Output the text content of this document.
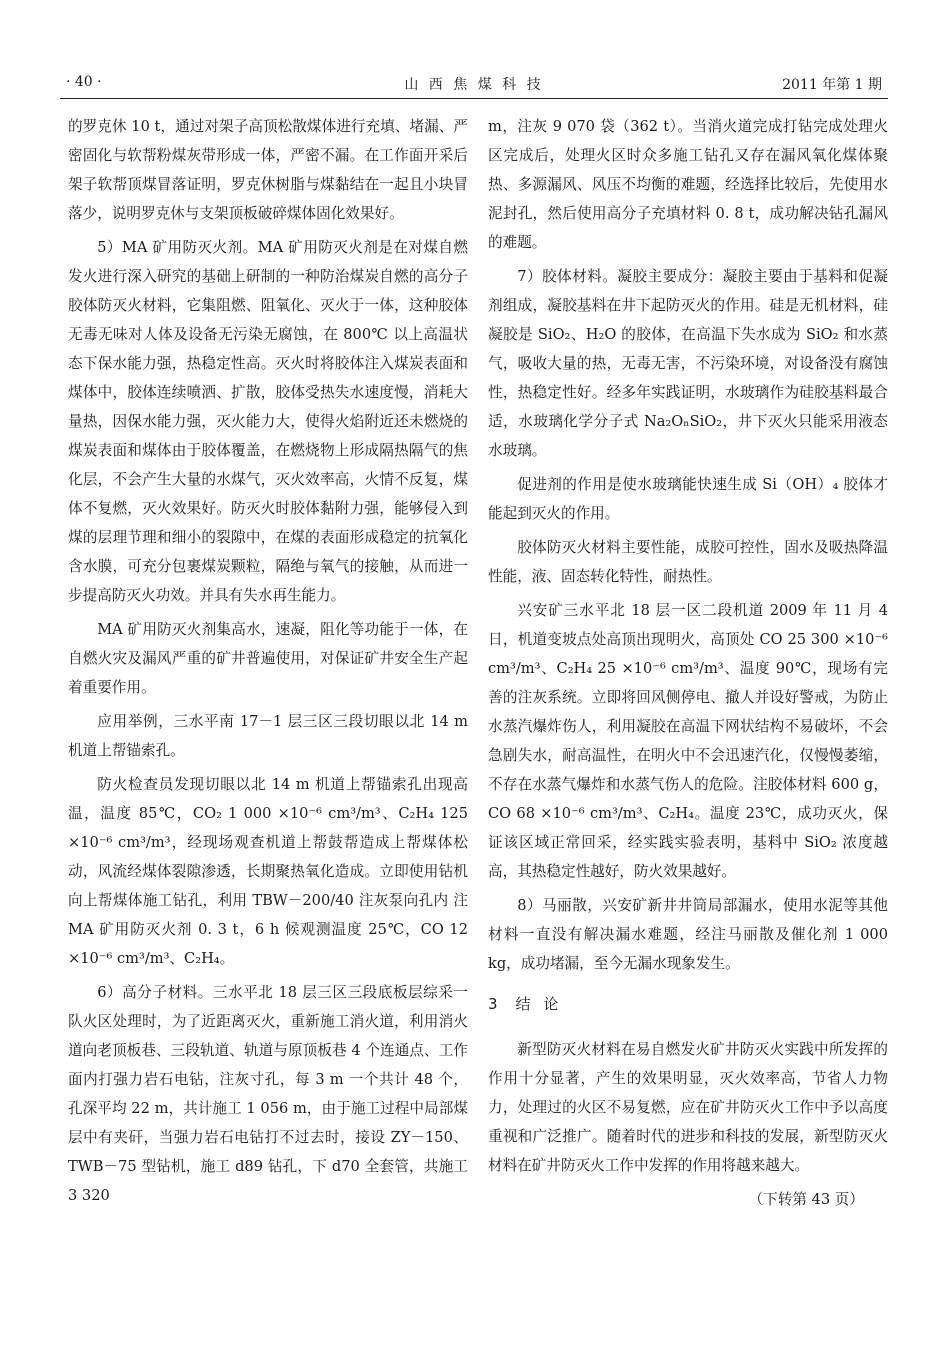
· 40 ·	山 西 焦 煤 科 技	2011 年第 1 期

的罗克休 10 t，通过对架子高顶松散煤体进行充填、堵漏、严密固化与软帮粉煤灰带形成一体，严密不漏。在工作面开采后架子软帮顶煤冒落证明，罗克休树脂与煤黏结在一起且小块冒落少，说明罗克休与支架顶板破碎煤体固化效果好。

5）MA 矿用防灭火剂。MA 矿用防灭火剂是在对煤自燃发火进行深入研究的基础上研制的一种防治煤炭自燃的高分子胶体防灭火材料，它集阻燃、阻氧化、灭火于一体，这种胶体无毒无味对人体及设备无污染无腐蚀，在 800℃ 以上高温状态下保水能力强，热稳定性高。灭火时将胶体注入煤炭表面和煤体中，胶体连续喷洒、扩散，胶体受热失水速度慢，消耗大量热，因保水能力强，灭火能力大，使得火焰附近还未燃烧的煤炭表面和煤体由于胶体覆盖，在燃烧物上形成隔热隔气的焦化层，不会产生大量的水煤气，灭火效率高，火情不反复，煤体不复燃，灭火效果好。防灭火时胶体黏附力强，能够侵入到煤的层理节理和细小的裂隙中，在煤的表面形成稳定的抗氧化含水膜，可充分包裹煤炭颗粒，隔绝与氧气的接触，从而进一步提高防灭火功效。并具有失水再生能力。

MA 矿用防灭火剂集高水，速凝，阻化等功能于一体，在自燃火灾及漏风严重的矿井普遍使用，对保证矿井安全生产起着重要作用。

应用举例，三水平南 17－1 层三区三段切眼以北 14 m 机道上帮锚索孔。

防火检查员发现切眼以北 14 m 机道上帮锚索孔出现高温，温度 85℃，CO₂ 1 000 ×10⁻⁶ cm³/m³、C₂H₄ 125 ×10⁻⁶ cm³/m³，经现场观查机道上帮鼓帮造成上帮煤体松动，风流经煤体裂隙渗透，长期聚热氧化造成。立即使用钻机向上帮煤体施工钻孔，利用 TBW－200/40 注灰泵向孔内 注 MA 矿用防灭火剂 0. 3 t，6 h 候观测温度 25℃，CO 12 ×10⁻⁶ cm³/m³、C₂H₄。

6）高分子材料。三水平北 18 层三区三段底板层综采一队火区处理时，为了近距离灭火，重新施工消火道，利用消火道向老顶板巷、三段轨道、轨道与原顶板巷 4 个连通点、工作面内打强力岩石电钻，注灰寸孔，每 3 m 一个共计 48 个，孔深平均 22 m，共计施工 1 056 m，由于施工过程中局部煤层中有夹矸，当强力岩石电钻打不过去时，接设 ZY－150、TWB－75 型钻机，施工 d89 钻孔，下 d70 全套管，共施工 3 320

m，注灰 9 070 袋（362 t）。当消火道完成打钻完成处理火区完成后，处理火区时众多施工钻孔又存在漏风氧化煤体聚热、多源漏风、风压不均衡的难题，经选择比较后，先使用水泥封孔，然后使用高分子充填材料 0. 8 t，成功解决钻孔漏风的难题。

7）胶体材料。凝胶主要成分：凝胶主要由于基料和促凝剂组成，凝胶基料在井下起防灭火的作用。硅是无机材料，硅凝胶是 SiO₂、H₂O 的胶体，在高温下失水成为 SiO₂ 和水蒸气，吸收大量的热，无毒无害，不污染环境，对设备没有腐蚀性，热稳定性好。经多年实践证明，水玻璃作为硅胶基料最合适，水玻璃化学分子式 Na₂OₙSiO₂，井下灭火只能采用液态水玻璃。

促进剂的作用是使水玻璃能快速生成 Si（OH）₄ 胶体才能起到灭火的作用。

胶体防灭火材料主要性能，成胶可控性，固水及吸热降温性能，液、固态转化特性，耐热性。

兴安矿三水平北 18 层一区二段机道 2009 年 11 月 4 日，机道变坡点处高顶出现明火，高顶处 CO 25 300 ×10⁻⁶ cm³/m³、C₂H₄ 25 ×10⁻⁶ cm³/m³、温度 90℃，现场有完善的注灰系统。立即将回风侧停电、撤人并设好警戒，为防止水蒸汽爆炸伤人，利用凝胶在高温下网状结构不易破坏，不会急剧失水，耐高温性，在明火中不会迅速汽化，仅慢慢萎缩，不存在水蒸气爆炸和水蒸气伤人的危险。注胶体材料 600 g，CO 68 ×10⁻⁶ cm³/m³、C₂H₄。温度 23℃，成功灭火，保证该区域正常回采，经实践实验表明，基料中 SiO₂ 浓度越高，其热稳定性越好，防火效果越好。

8）马丽散，兴安矿新井井筒局部漏水，使用水泥等其他材料一直没有解决漏水难题，经注马丽散及催化剂 1 000 kg，成功堵漏，至今无漏水现象发生。

3 结 论

新型防灭火材料在易自燃发火矿井防灭火实践中所发挥的作用十分显著，产生的效果明显，灭火效率高，节省人力物力，处理过的火区不易复燃，应在矿井防灭火工作中予以高度重视和广泛推广。随着时代的进步和科技的发展，新型防灭火材料在矿井防灭火工作中发挥的作用将越来越大。

（下转第 43 页）
